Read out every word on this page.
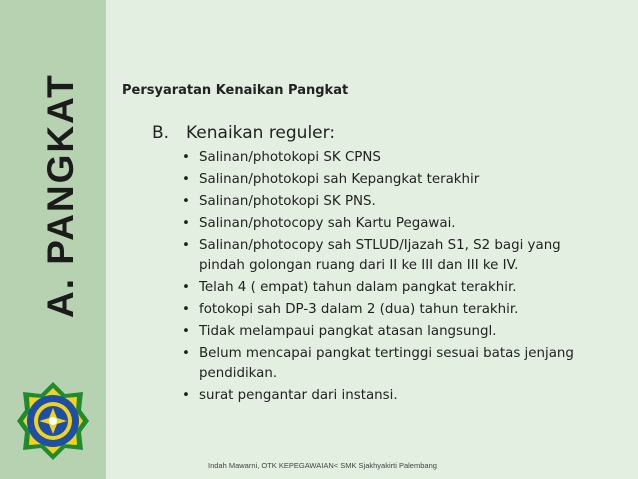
A. PANGKAT	Persyaratan Kenaikan Pangkat
B. Kenaikan reguler:
• Salinan/photokopi SK CPNS
• Salinan/photokopi sah Kepangkat terakhir
• Salinan/photokopi SK PNS.
• Salinan/photocopy sah Kartu Pegawai.
• Salinan/photocopy sah STLUD/Ijazah S1, S2 bagi yang pindah golongan ruang dari II ke III dan III ke IV.
• Telah 4 ( empat) tahun dalam pangkat terakhir.
• fotokopi sah DP-3 dalam 2 (dua) tahun terakhir.
• Tidak melampaui pangkat atasan langsungl.
• Belum mencapai pangkat tertinggi sesuai batas jenjang pendidikan.
• surat pengantar dari instansi.
Indah Mawarni, OTK KEPEGAWAIAN< SMK Sjakhyakirti Palembang
